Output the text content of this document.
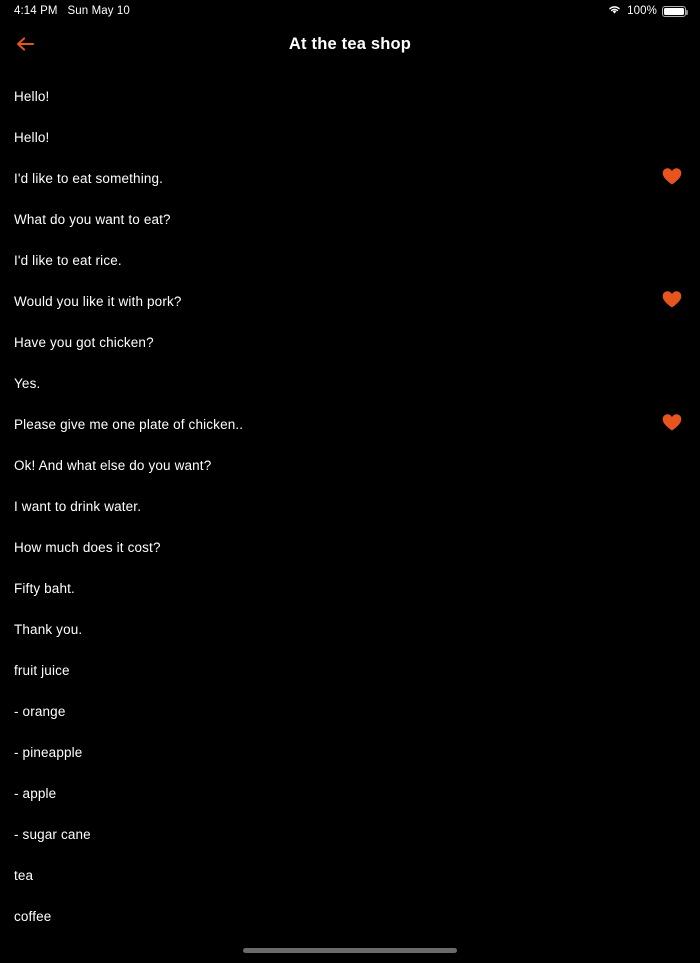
4:14 PM Sun May 10	100%
At the tea shop
Hello!
Hello!
I'd like to eat something.
What do you want to eat?
I'd like to eat rice.
Would you like it with pork?
Have you got chicken?
Yes.
Please give me one plate of chicken..
Ok! And what else do you want?
I want to drink water.
How much does it cost?
Fifty baht.
Thank you.
fruit juice
- orange
- pineapple
- apple
- sugar cane
tea
coffee
